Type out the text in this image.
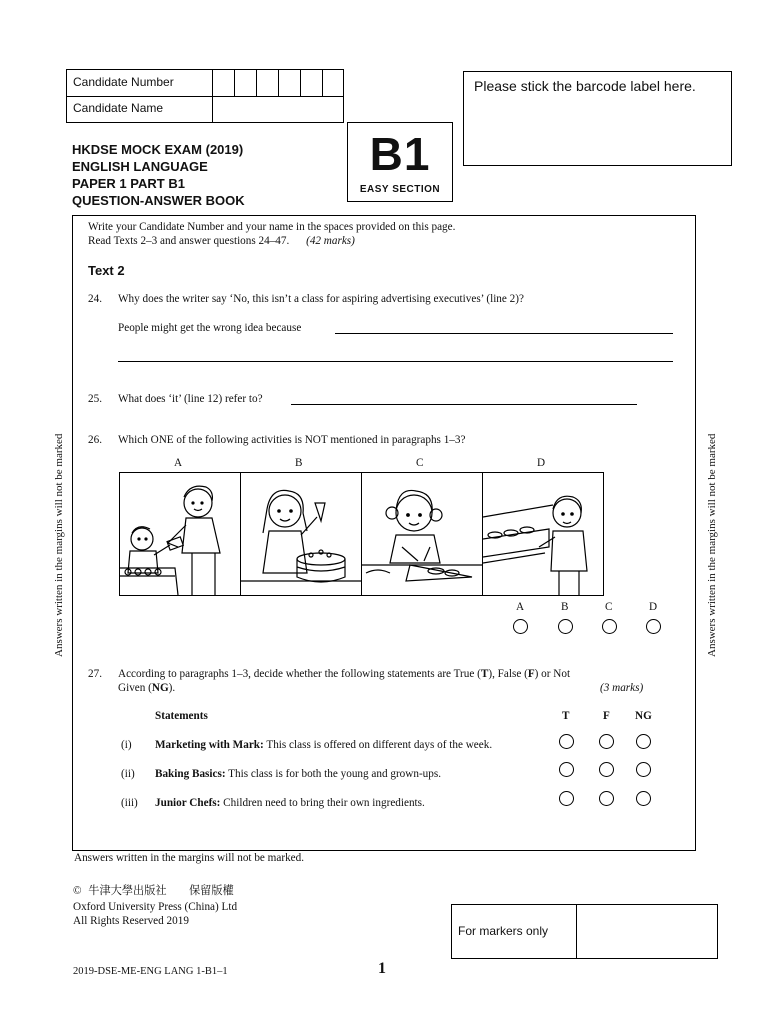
Candidate Number
Candidate Name
Please stick the barcode label here.
HKDSE MOCK EXAM (2019)
ENGLISH LANGUAGE
PAPER 1 PART B1
QUESTION-ANSWER BOOK
B1
EASY SECTION
Write your Candidate Number and your name in the spaces provided on this page.
Read Texts 2–3 and answer questions 24–47. (42 marks)
Text 2
24. Why does the writer say ‘No, this isn’t a class for aspiring advertising executives’ (line 2)?
People might get the wrong idea because
25. What does ‘it’ (line 12) refer to?
26. Which ONE of the following activities is NOT mentioned in paragraphs 1–3?
A	B	C	D
A	B	C	D
27. According to paragraphs 1–3, decide whether the following statements are True (T), False (F) or Not
Given (NG).	(3 marks)
Statements	T	F NG
(i) Marketing with Mark: This class is offered on different days of the week.
(ii) Baking Basics: This class is for both the young and grown-ups.
(iii) Junior Chefs: Children need to bring their own ingredients.
Answers written in the margins will not be marked.
Answers written in the margins will not be marked	Answers written in the margins will not be marked
© 牛津大學出版社　　保留版權
Oxford University Press (China) Ltd
All Rights Reserved 2019
For markers only
2019-DSE-ME-ENG LANG 1-B1–1	1
